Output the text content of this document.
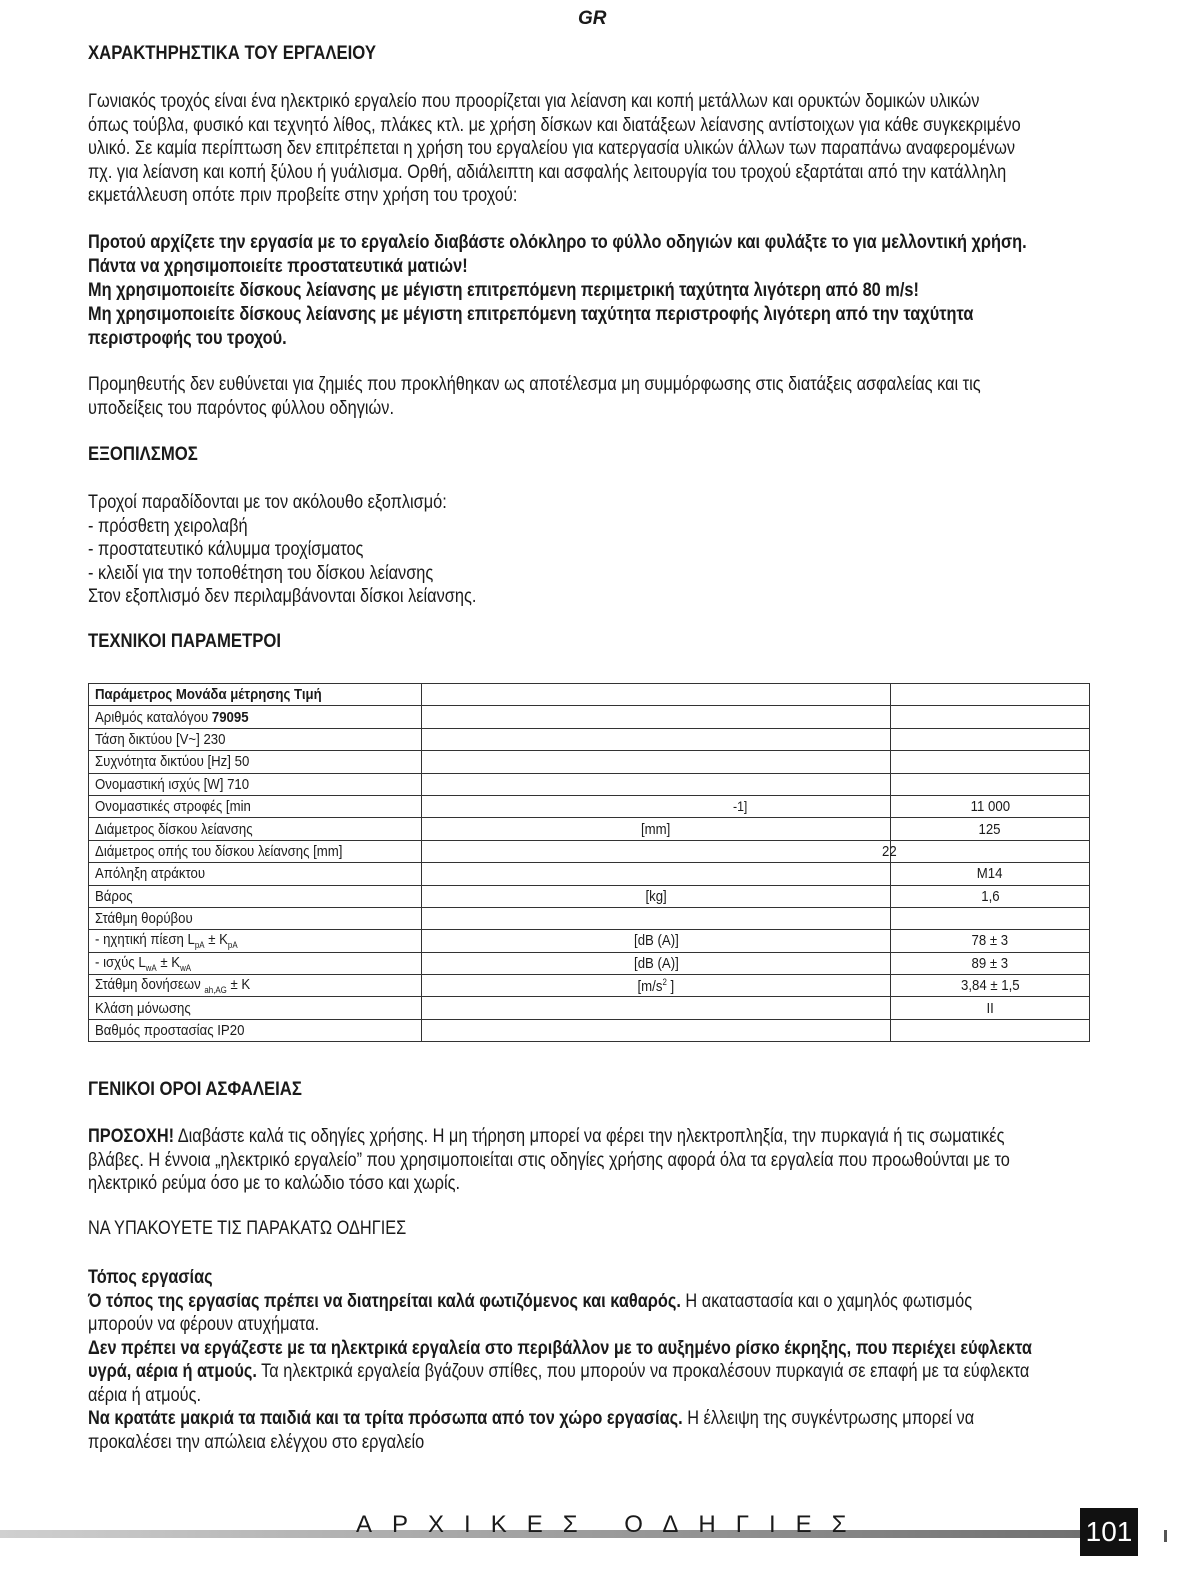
GR
ΧΑΡΑΚΤΗΡΗΣΤΙΚΑ ΤΟΥ ΕΡΓΑΛΕΙΟΥ
Γωνιακός τροχός είναι ένα ηλεκτρικό εργαλείο που προορίζεται για λείανση και κοπή μετάλλων και ορυκτών δομικών υλικών
όπως τούβλα, φυσικό και τεχνητό λίθος, πλάκες κτλ. με χρήση δίσκων και διατάξεων λείανσης αντίστοιχων για κάθε συγκεκριμένο
υλικό. Σε καμία περίπτωση δεν επιτρέπεται η χρήση του εργαλείου για κατεργασία υλικών άλλων των παραπάνω αναφερομένων
πχ. για λείανση και κοπή ξύλου ή γυάλισμα. Ορθή, αδιάλειπτη και ασφαλής λειτουργία του τροχού εξαρτάται από την κατάλληλη
εκμετάλλευση οπότε πριν προβείτε στην χρήση του τροχού:
Προτού αρχίζετε την εργασία με το εργαλείο διαβάστε ολόκληρο το φύλλο οδηγιών και φυλάξτε το για μελλοντική χρήση.
Πάντα να χρησιμοποιείτε προστατευτικά ματιών!
Μη χρησιμοποιείτε δίσκους λείανσης με μέγιστη επιτρεπόμενη περιμετρική ταχύτητα λιγότερη από 80 m/s!
Μη χρησιμοποιείτε δίσκους λείανσης με μέγιστη επιτρεπόμενη ταχύτητα περιστροφής λιγότερη από την ταχύτητα
περιστροφής του τροχού.
Προμηθευτής δεν ευθύνεται για ζημιές που προκλήθηκαν ως αποτέλεσμα μη συμμόρφωσης στις διατάξεις ασφαλείας και τις
υποδείξεις του παρόντος φύλλου οδηγιών.
ΕΞΟΠΙΛΣΜΟΣ
Τροχοί παραδίδονται με τον ακόλουθο εξοπλισμό:
- πρόσθετη χειρολαβή
- προστατευτικό κάλυμμα τροχίσματος
- κλειδί για την τοποθέτηση του δίσκου λείανσης
Στον εξοπλισμό δεν περιλαμβάνονται δίσκοι λείανσης.
ΤΕΧΝΙΚΟΙ ΠΑΡΑΜΕΤΡΟΙ
Παράμετρος Μονάδα μέτρησης Τιμή		
Αριθμός καταλόγου 79095		
Τάση δικτύου [V~] 230		
Συχνότητα δικτύου [Hz] 50		
Ονομαστική ισχύς [W] 710		
Ονομαστικές στροφές [min	-1]	11 000
Διάμετρος δίσκου λείανσης	[mm]	125
Διάμετρος οπής του δίσκου λείανσης [mm]	22	
Απόληξη ατράκτου		M14
Βάρος	[kg]	1,6
Στάθμη θορύβου		
- ηχητική πίεση $L_{pA} \pm K_{pA}$	[dB (A)]	78 ± 3
- ισχύς $L_{wA} \pm K_{wA}$	[dB (A)]	89 ± 3
Στάθμη δονήσεων $_{ah,AG}$ ± K	[$m/s^2$ ]	3,84 ± 1,5
Κλάση μόνωσης		II
Βαθμός προστασίας IP20		
ΓΕΝΙΚΟΙ ΟΡΟΙ ΑΣΦΑΛΕΙΑΣ
ΠΡΟΣΟΧΗ! Διαβάστε καλά τις οδηγίες χρήσης. Η μη τήρηση μπορεί να φέρει την ηλεκτροπληξία, την πυρκαγιά ή τις σωματικές
βλάβες. Η έννοια „ηλεκτρικό εργαλείο” που χρησιμοποιείται στις οδηγίες χρήσης αφορά όλα τα εργαλεία που προωθούνται με το
ηλεκτρικό ρεύμα όσο με το καλώδιο τόσο και χωρίς.
ΝΑ ΥΠΑΚΟΥΕΤΕ ΤΙΣ ΠΑΡΑΚΑΤΩ ΟΔΗΓΙΕΣ
Τόπος εργασίας
Ό τόπος της εργασίας πρέπει να διατηρείται καλά φωτιζόμενος και καθαρός. Η ακαταστασία και ο χαμηλός φωτισμός
μπορούν να φέρουν ατυχήματα.
Δεν πρέπει να εργάζεστε με τα ηλεκτρικά εργαλεία στο περιβάλλον με το αυξημένο ρίσκο έκρηξης, που περιέχει εύφλεκτα
υγρά, αέρια ή ατμούς. Τα ηλεκτρικά εργαλεία βγάζουν σπίθες, που μπορούν να προκαλέσουν πυρκαγιά σε επαφή με τα εύφλεκτα
αέρια ή ατμούς.
Να κρατάτε μακριά τα παιδιά και τα τρίτα πρόσωπα από τον χώρο εργασίας. Η έλλειψη της συγκέντρωσης μπορεί να
προκαλέσει την απώλεια ελέγχου στο εργαλείο
ΑΡΧΙΚΕΣ ΟΔΗΓΙΕΣ	101
